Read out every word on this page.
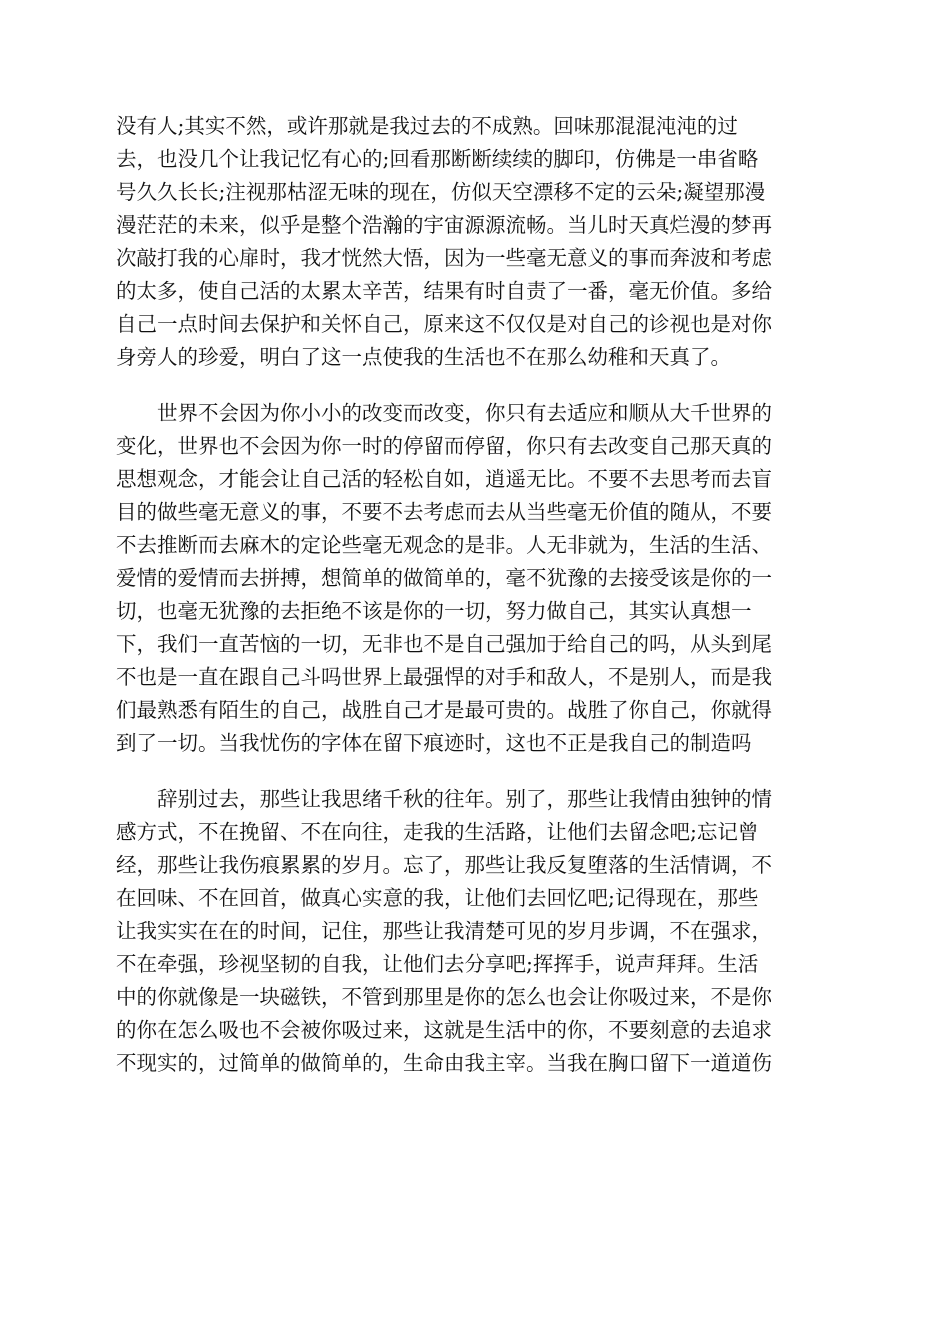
没有人;其实不然，或许那就是我过去的不成熟。回味那混混沌沌的过
去，也没几个让我记忆有心的;回看那断断续续的脚印，仿佛是一串省略
号久久长长;注视那枯涩无味的现在，仿似天空漂移不定的云朵;凝望那漫
漫茫茫的未来，似乎是整个浩瀚的宇宙源源流畅。当儿时天真烂漫的梦再
次敲打我的心扉时，我才恍然大悟，因为一些毫无意义的事而奔波和考虑
的太多，使自己活的太累太辛苦，结果有时自责了一番，毫无价值。多给
自己一点时间去保护和关怀自己，原来这不仅仅是对自己的诊视也是对你
身旁人的珍爱，明白了这一点使我的生活也不在那么幼稚和天真了。
　　世界不会因为你小小的改变而改变，你只有去适应和顺从大千世界的
变化，世界也不会因为你一时的停留而停留，你只有去改变自己那天真的
思想观念，才能会让自己活的轻松自如，逍遥无比。不要不去思考而去盲
目的做些毫无意义的事，不要不去考虑而去从当些毫无价值的随从，不要
不去推断而去麻木的定论些毫无观念的是非。人无非就为，生活的生活、
爱情的爱情而去拼搏，想简单的做简单的，毫不犹豫的去接受该是你的一
切，也毫无犹豫的去拒绝不该是你的一切，努力做自己，其实认真想一
下，我们一直苦恼的一切，无非也不是自己强加于给自己的吗，从头到尾
不也是一直在跟自己斗吗世界上最强悍的对手和敌人，不是别人，而是我
们最熟悉有陌生的自己，战胜自己才是最可贵的。战胜了你自己，你就得
到了一切。当我忧伤的字体在留下痕迹时，这也不正是我自己的制造吗
　　辞别过去，那些让我思绪千秋的往年。别了，那些让我情由独钟的情
感方式，不在挽留、不在向往，走我的生活路，让他们去留念吧;忘记曾
经，那些让我伤痕累累的岁月。忘了，那些让我反复堕落的生活情调，不
在回味、不在回首，做真心实意的我，让他们去回忆吧;记得现在，那些
让我实实在在的时间，记住，那些让我清楚可见的岁月步调，不在强求，
不在牵强，珍视坚韧的自我，让他们去分享吧;挥挥手，说声拜拜。生活
中的你就像是一块磁铁，不管到那里是你的怎么也会让你吸过来，不是你
的你在怎么吸也不会被你吸过来，这就是生活中的你，不要刻意的去追求
不现实的，过简单的做简单的，生命由我主宰。当我在胸口留下一道道伤
